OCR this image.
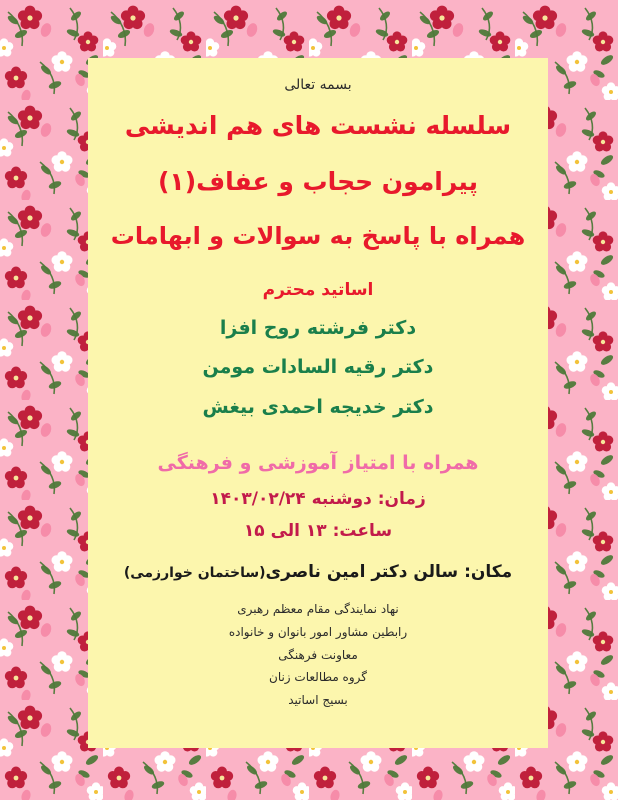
بسمه تعالی
سلسله نشست های هم اندیشی
پیرامون حجاب و عفاف(۱)
همراه با پاسخ به سوالات و ابهامات
اساتید محترم
دکتر فرشته روح افزا
دکتر رقیه السادات مومن
دکتر خدیجه احمدی بیغش
همراه با امتیاز آموزشی و فرهنگی
زمان: دوشنبه ۱۴۰۳/۰۲/۲۴
ساعت: ۱۳ الی ۱۵
مکان: سالن دکتر امین ناصری(ساختمان خوارزمی)
نهاد نمایندگی مقام معظم رهبری
رابطین مشاور امور بانوان و خانواده
معاونت فرهنگی
گروه مطالعات زنان
بسیج اساتید
